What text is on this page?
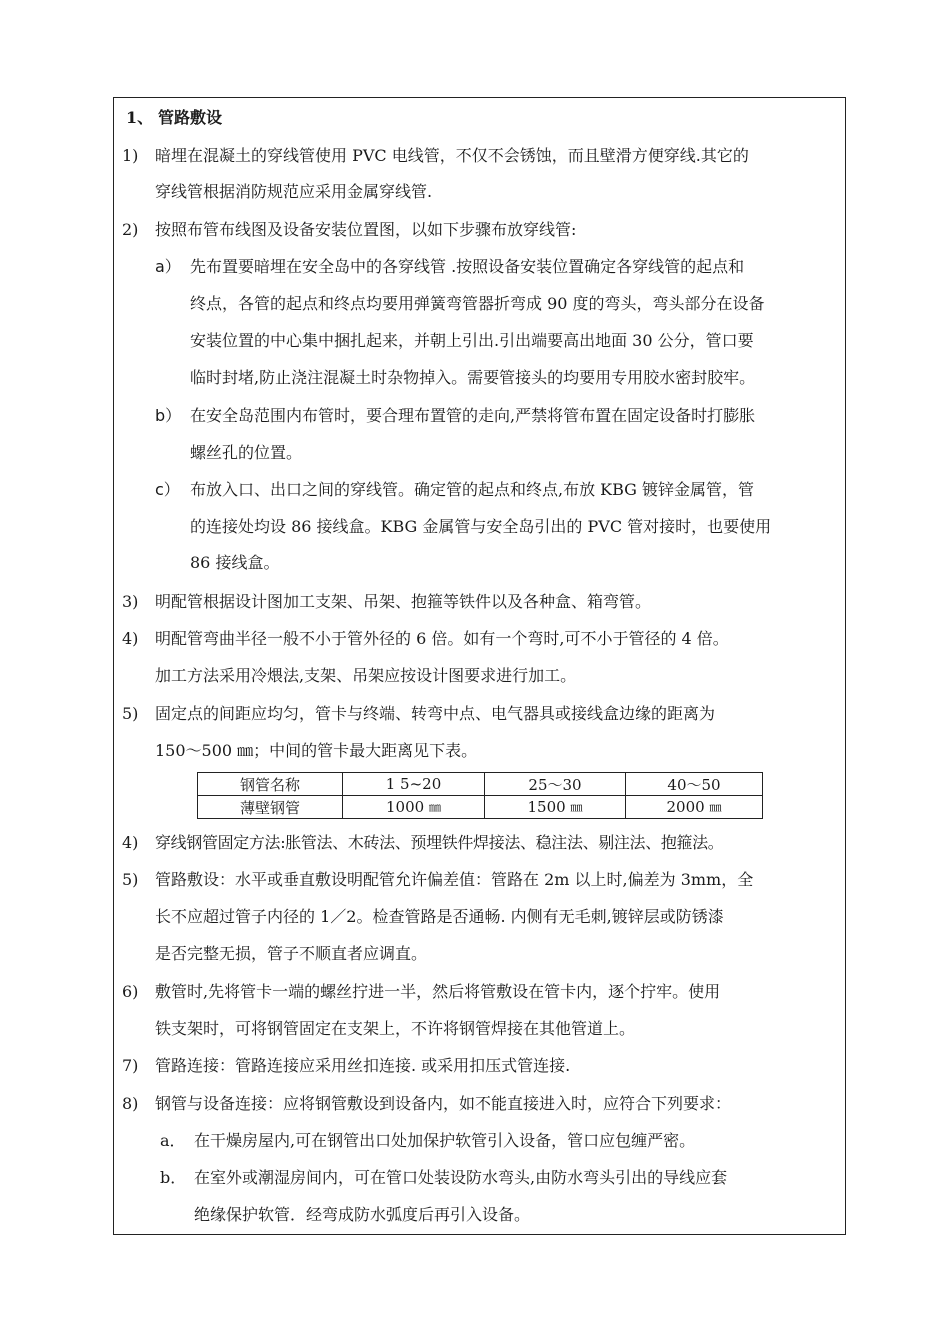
1、 管路敷设
1) 暗埋在混凝土的穿线管使用 PVC 电线管，不仅不会锈蚀，而且壁滑方便穿线.其它的
穿线管根据消防规范应采用金属穿线管.
2) 按照布管布线图及设备安装位置图，以如下步骤布放穿线管:
a） 先布置要暗埋在安全岛中的各穿线管 .按照设备安装位置确定各穿线管的起点和
终点，各管的起点和终点均要用弹簧弯管器折弯成 90 度的弯头，弯头部分在设备
安装位置的中心集中捆扎起来，并朝上引出.引出端要高出地面 30 公分，管口要
临时封堵,防止浇注混凝土时杂物掉入。需要管接头的均要用专用胶水密封胶牢。
b） 在安全岛范围内布管时，要合理布置管的走向,严禁将管布置在固定设备时打膨胀
螺丝孔的位置。
c） 布放入口、出口之间的穿线管。确定管的起点和终点,布放 KBG 镀锌金属管，管
的连接处均设 86 接线盒。KBG 金属管与安全岛引出的 PVC 管对接时，也要使用
86 接线盒。
3) 明配管根据设计图加工支架、吊架、抱箍等铁件以及各种盒、箱弯管。
4) 明配管弯曲半径一般不小于管外径的 6 倍。如有一个弯时,可不小于管径的 4 倍。
加工方法采用冷煨法,支架、吊架应按设计图要求进行加工。
5) 固定点的间距应均匀，管卡与终端、转弯中点、电气器具或接线盒边缘的距离为
150～500 ㎜；中间的管卡最大距离见下表。
钢管名称	1 5~20	25～30	40～50
薄壁钢管	1000 ㎜	1500 ㎜	2000 ㎜
4) 穿线钢管固定方法:胀管法、木砖法、预埋铁件焊接法、稳注法、剔注法、抱箍法。
5) 管路敷设：水平或垂直敷设明配管允许偏差值：管路在 2m 以上时,偏差为 3mm，全
长不应超过管子内径的 1／2。检查管路是否通畅. 内侧有无毛刺,镀锌层或防锈漆
是否完整无损，管子不顺直者应调直。
6) 敷管时,先将管卡一端的螺丝拧进一半，然后将管敷设在管卡内，逐个拧牢。使用
铁支架时，可将钢管固定在支架上，不许将钢管焊接在其他管道上。
7) 管路连接：管路连接应采用丝扣连接. 或采用扣压式管连接.
8) 钢管与设备连接：应将钢管敷设到设备内，如不能直接进入时，应符合下列要求：
a． 在干燥房屋内,可在钢管出口处加保护软管引入设备，管口应包缠严密。
b． 在室外或潮湿房间内，可在管口处装设防水弯头,由防水弯头引出的导线应套
绝缘保护软管．经弯成防水弧度后再引入设备。
